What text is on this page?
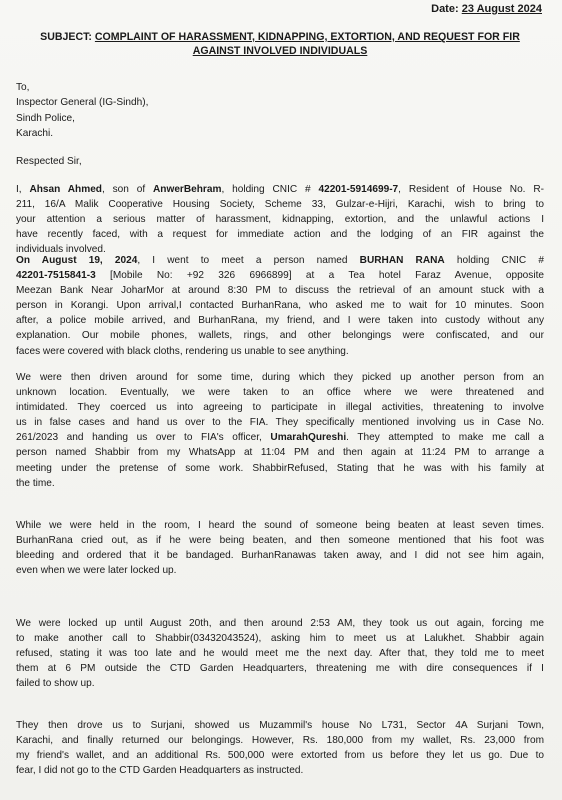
Date: 23 August 2024
SUBJECT: COMPLAINT OF HARASSMENT, KIDNAPPING, EXTORTION, AND REQUEST FOR FIR
AGAINST INVOLVED INDIVIDUALS
To,
Inspector General (IG-Sindh),
Sindh Police,
Karachi.
Respected Sir,
I, Ahsan Ahmed, son of AnwerBehram, holding CNIC # 42201-5914699-7, Resident of House No. R-
211, 16/A Malik Cooperative Housing Society, Scheme 33, Gulzar-e-Hijri, Karachi, wish to bring to
your attention a serious matter of harassment, kidnapping, extortion, and the unlawful actions I
have recently faced, with a request for immediate action and the lodging of an FIR against the
individuals involved.
On August 19, 2024, I went to meet a person named BURHAN RANA holding CNIC #
42201-7515841-3 [Mobile No: +92 326 6966899] at a Tea hotel Faraz Avenue, opposite
Meezan Bank Near JoharMor at around 8:30 PM to discuss the retrieval of an amount stuck with a
person in Korangi. Upon arrival,I contacted BurhanRana, who asked me to wait for 10 minutes. Soon
after, a police mobile arrived, and BurhanRana, my friend, and I were taken into custody without any
explanation. Our mobile phones, wallets, rings, and other belongings were confiscated, and our
faces were covered with black cloths, rendering us unable to see anything.
We were then driven around for some time, during which they picked up another person from an
unknown location. Eventually, we were taken to an office where we were threatened and
intimidated. They coerced us into agreeing to participate in illegal activities, threatening to involve
us in false cases and hand us over to the FIA. They specifically mentioned involving us in Case No.
261/2023 and handing us over to FIA's officer, UmarahQureshi. They attempted to make me call a
person named Shabbir from my WhatsApp at 11:04 PM and then again at 11:24 PM to arrange a
meeting under the pretense of some work. ShabbirRefused, Stating that he was with his family at
the time.
While we were held in the room, I heard the sound of someone being beaten at least seven times.
BurhanRana cried out, as if he were being beaten, and then someone mentioned that his foot was
bleeding and ordered that it be bandaged. BurhanRanawas taken away, and I did not see him again,
even when we were later locked up.
We were locked up until August 20th, and then around 2:53 AM, they took us out again, forcing me
to make another call to Shabbir(03432043524), asking him to meet us at Lalukhet. Shabbir again
refused, stating it was too late and he would meet me the next day. After that, they told me to meet
them at 6 PM outside the CTD Garden Headquarters, threatening me with dire consequences if I
failed to show up.
They then drove us to Surjani, showed us Muzammil's house No L731, Sector 4A Surjani Town,
Karachi, and finally returned our belongings. However, Rs. 180,000 from my wallet, Rs. 23,000 from
my friend's wallet, and an additional Rs. 500,000 were extorted from us before they let us go. Due to
fear, I did not go to the CTD Garden Headquarters as instructed.
